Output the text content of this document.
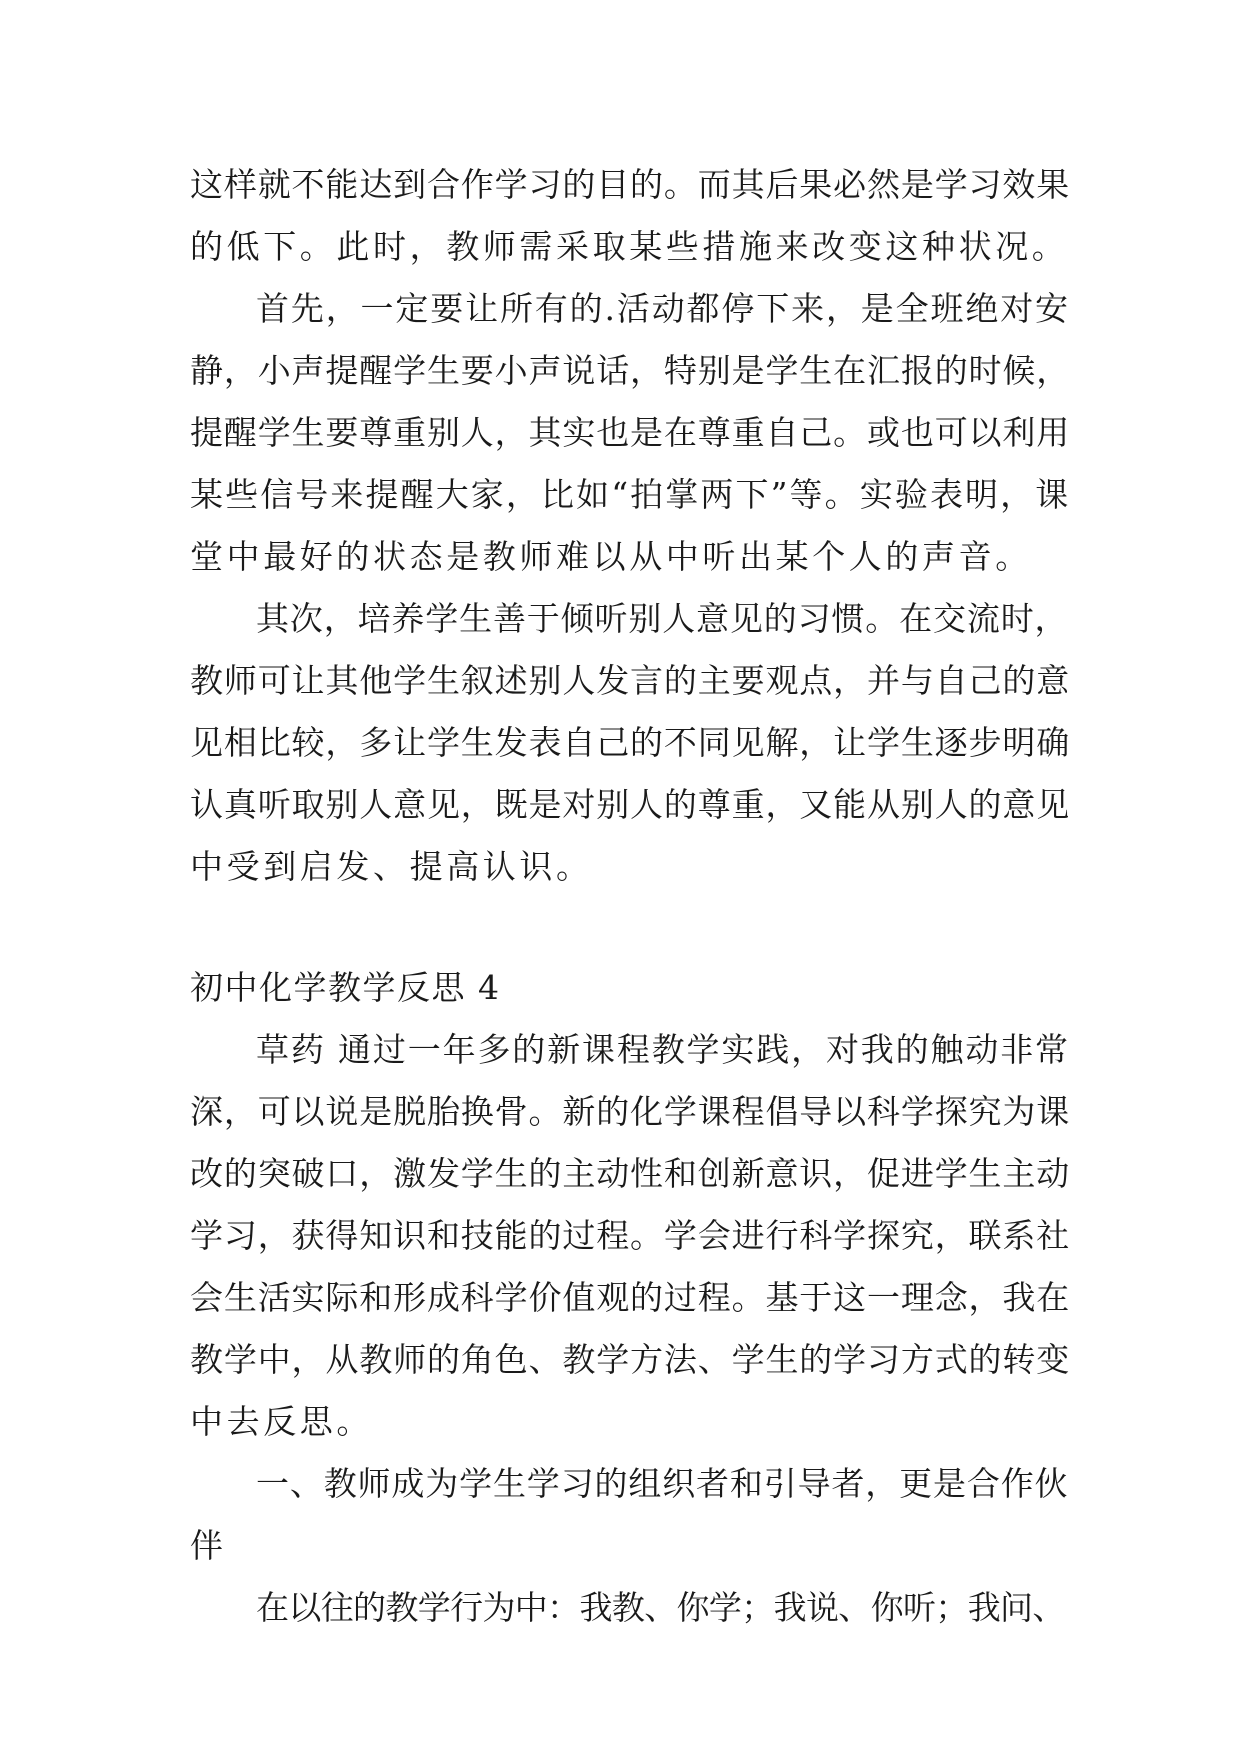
这样就不能达到合作学习的目的。而其后果必然是学习效果
的低下。此时，教师需采取某些措施来改变这种状况。
首先，一定要让所有的.活动都停下来，是全班绝对安
静，小声提醒学生要小声说话，特别是学生在汇报的时候，
提醒学生要尊重别人，其实也是在尊重自己。或也可以利用
某些信号来提醒大家，比如“拍掌两下”等。实验表明，课
堂中最好的状态是教师难以从中听出某个人的声音。
其次，培养学生善于倾听别人意见的习惯。在交流时，
教师可让其他学生叙述别人发言的主要观点，并与自己的意
见相比较，多让学生发表自己的不同见解，让学生逐步明确
认真听取别人意见，既是对别人的尊重，又能从别人的意见
中受到启发、提高认识。
初中化学教学反思 4
草药 通过一年多的新课程教学实践，对我的触动非常
深，可以说是脱胎换骨。新的化学课程倡导以科学探究为课
改的突破口，激发学生的主动性和创新意识，促进学生主动
学习，获得知识和技能的过程。学会进行科学探究，联系社
会生活实际和形成科学价值观的过程。基于这一理念，我在
教学中，从教师的角色、教学方法、学生的学习方式的转变
中去反思。
一、教师成为学生学习的组织者和引导者，更是合作伙
伴
在以往的教学行为中：我教、你学；我说、你听；我问、
